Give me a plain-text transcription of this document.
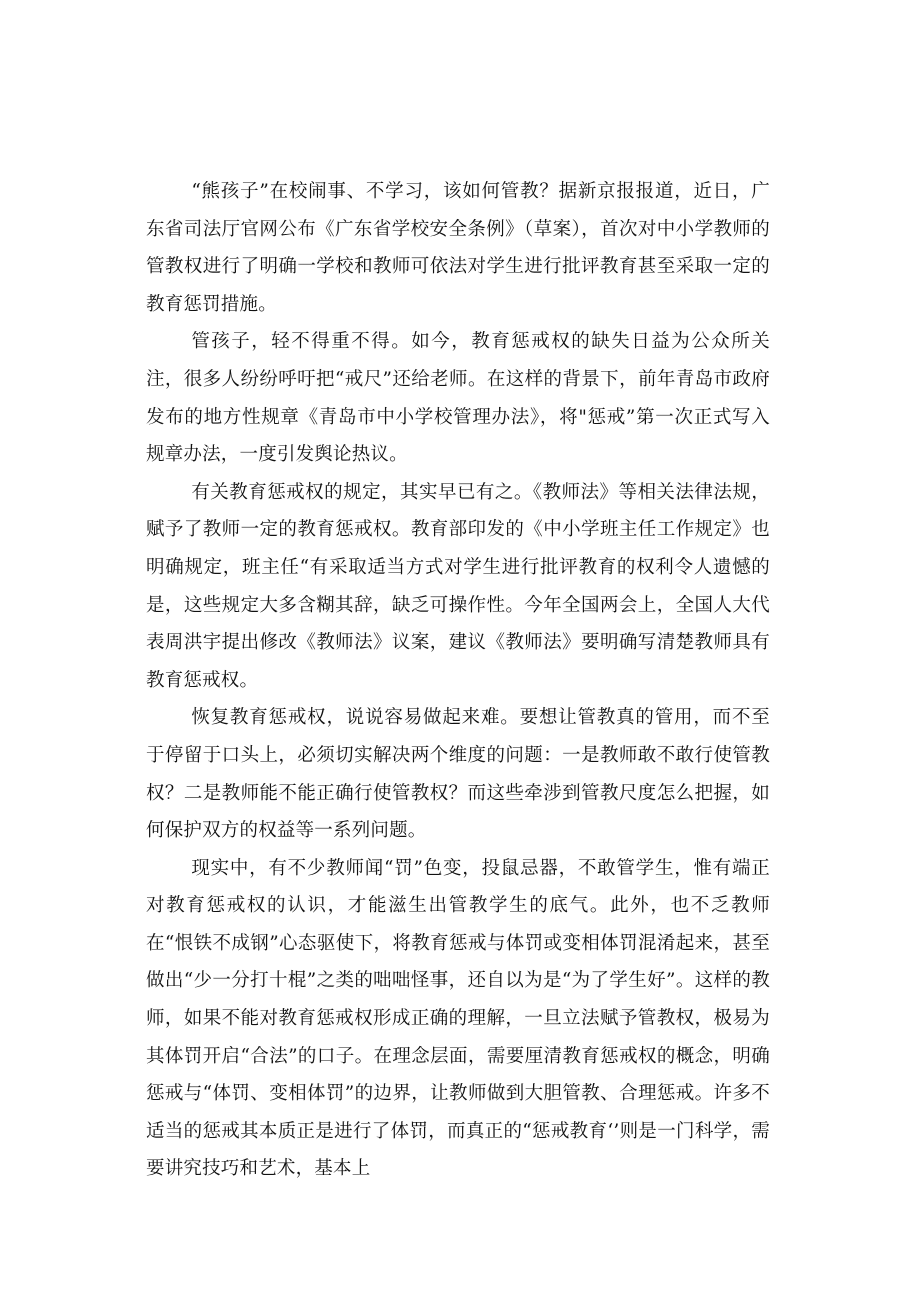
“熊孩子”在校闹事、不学习，该如何管教？据新京报报道，近日，广东省司法厅官网公布《广东省学校安全条例》（草案），首次对中小学教师的管教权进行了明确一学校和教师可依法对学生进行批评教育甚至采取一定的教育惩罚措施。

管孩子，轻不得重不得。如今，教育惩戒权的缺失日益为公众所关注，很多人纷纷呼吁把“戒尺”还给老师。在这样的背景下，前年青岛市政府发布的地方性规章《青岛市中小学校管理办法》，将"惩戒”第一次正式写入规章办法，一度引发舆论热议。

有关教育惩戒权的规定，其实早已有之。《教师法》等相关法律法规，赋予了教师一定的教育惩戒权。教育部印发的《中小学班主任工作规定》也明确规定，班主任“有采取适当方式对学生进行批评教育的权利令人遗憾的是，这些规定大多含糊其辞，缺乏可操作性。今年全国两会上，全国人大代表周洪宇提出修改《教师法》议案，建议《教师法》要明确写清楚教师具有教育惩戒权。

恢复教育惩戒权，说说容易做起来难。要想让管教真的管用，而不至于停留于口头上，必须切实解决两个维度的问题：一是教师敢不敢行使管教权？二是教师能不能正确行使管教权？而这些牵涉到管教尺度怎么把握，如何保护双方的权益等一系列问题。

现实中，有不少教师闻“罚”色变，投鼠忌器，不敢管学生，惟有端正对教育惩戒权的认识，才能滋生出管教学生的底气。此外，也不乏教师在“恨铁不成钢”心态驱使下，将教育惩戒与体罚或变相体罚混淆起来，甚至做出“少一分打十棍”之类的咄咄怪事，还自以为是“为了学生好”。这样的教师，如果不能对教育惩戒权形成正确的理解，一旦立法赋予管教权，极易为其体罚开启“合法”的口子。在理念层面，需要厘清教育惩戒权的概念，明确惩戒与“体罚、变相体罚”的边界，让教师做到大胆管教、合理惩戒。许多不适当的惩戒其本质正是进行了体罚，而真正的“惩戒教育‘’则是一门科学，需要讲究技巧和艺术，基本上
